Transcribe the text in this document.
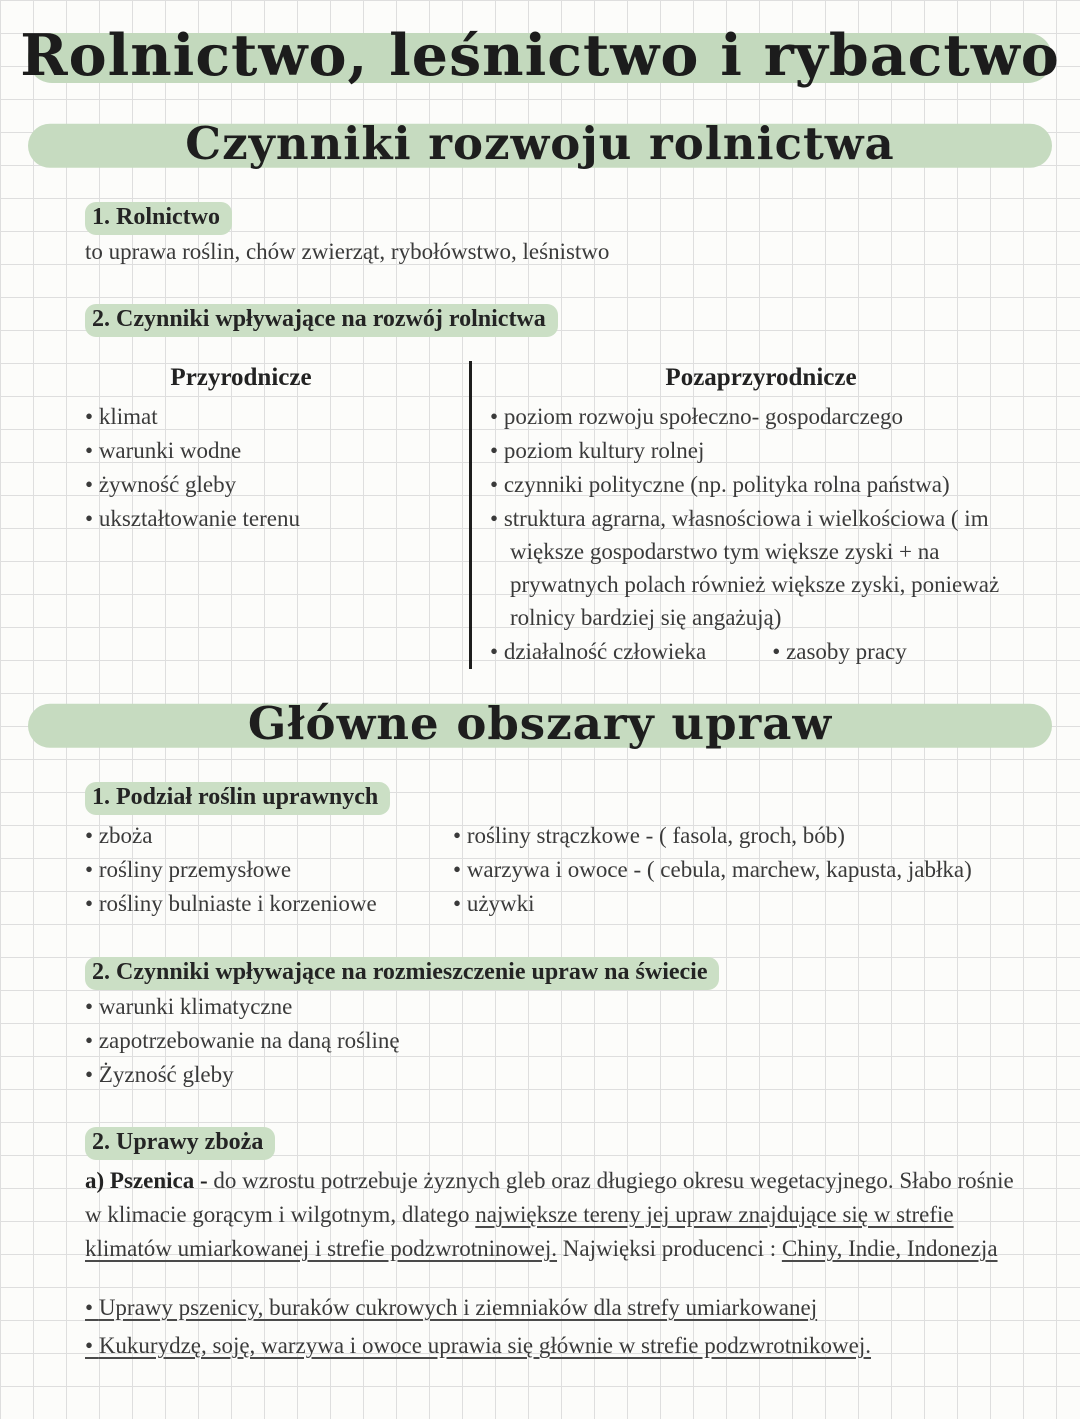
Rolnictwo, leśnictwo i rybactwo
Czynniki rozwoju rolnictwa

1. Rolnictwo

to uprawa roślin, chów zwierząt, rybołówstwo, leśnistwo

2. Czynniki wpływające na rozwój rolnictwa

Przyrodnicze
• klimat
• warunki wodne
• żywność gleby
• ukształtowanie terenu
Pozaprzyrodnicze
• poziom rozwoju społeczno- gospodarczego
• poziom kultury rolnej
• czynniki polityczne (np. polityka rolna państwa)
• struktura agrarna, własnościowa i wielkościowa ( im większe gospodarstwo tym większe zyski + na prywatnych polach również większe zyski, ponieważ rolnicy bardziej się angażują)
• działalność człowieka	• zasoby pracy
Główne obszary upraw

1. Podział roślin uprawnych

• zboża
• rośliny przemysłowe
• rośliny bulniaste i korzeniowe
• rośliny strączkowe - ( fasola, groch, bób)
• warzywa i owoce - ( cebula, marchew, kapusta, jabłka)
• używki

2. Czynniki wpływające na rozmieszczenie upraw na świecie

• warunki klimatyczne
• zapotrzebowanie na daną roślinę
• Żyzność gleby

2. Uprawy zboża

a) Pszenica - do wzrostu potrzebuje żyznych gleb oraz długiego okresu wegetacyjnego. Słabo rośnie w klimacie gorącym i wilgotnym, dlatego największe tereny jej upraw znajdujące się w strefie klimatów umiarkowanej i strefie podzwrotninowej. Najwięksi producenci : Chiny, Indie, Indonezja

• Uprawy pszenicy, buraków cukrowych i ziemniaków dla strefy umiarkowanej
• Kukurydzę, soję, warzywa i owoce uprawia się głównie w strefie podzwrotnikowej.
